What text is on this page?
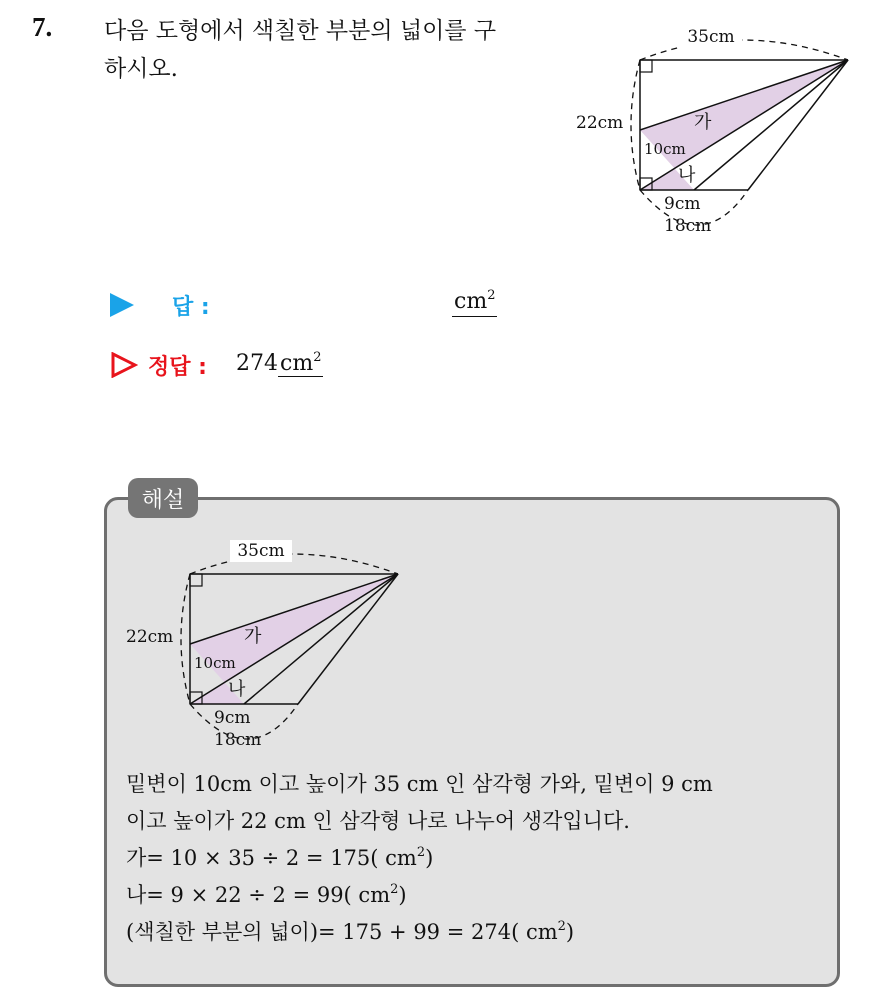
7. 다음 도형에서 색칠한 부분의 넓이를 구
하시오.
35cm
22cm
10cm
가
나
9cm
18cm
답 :	$cm^2$
정답 : $274cm^2$
해설
35cm
22cm
10cm
가
나
9cm
18cm
밑변이 10cm 이고 높이가 35 cm 인 삼각형 가와, 밑변이 9 cm
이고 높이가 22 cm 인 삼각형 나로 나누어 생각입니다.
가= 10 × 35 ÷ 2 = 175( $cm^2$)
나= 9 × 22 ÷ 2 = 99( $cm^2$)
(색칠한 부분의 넓이)= 175 + 99 = 274( $cm^2$)
